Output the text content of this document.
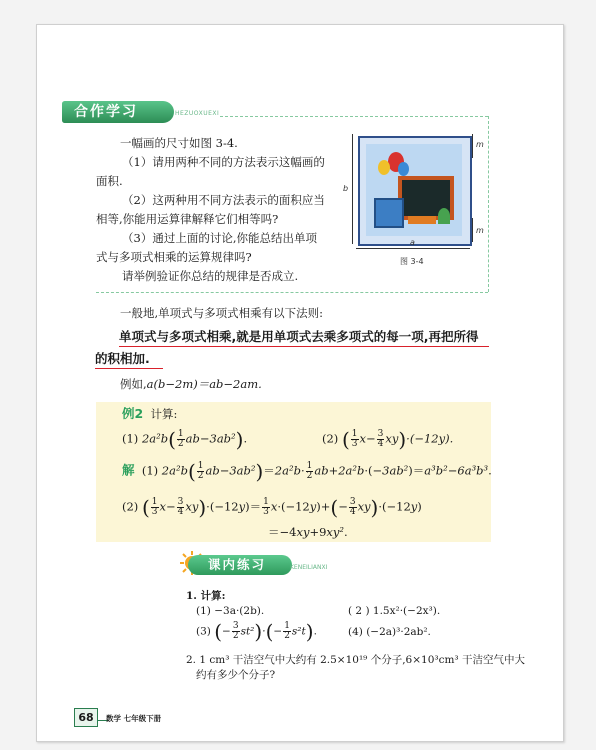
合作学习	HEZUOXUEXI
一幅画的尺寸如图 3-4.
（1）请用两种不同的方法表示这幅画的
面积.
（2）这两种用不同方法表示的面积应当
相等,你能用运算律解释它们相等吗?
（3）通过上面的讨论,你能总结出单项
式与多项式相乘的运算规律吗?
请举例验证你总结的规律是否成立.
b
a
m
m
图 3-4
一般地,单项式与多项式相乘有以下法则:
单项式与多项式相乘,就是用单项式去乘多项式的每一项,再把所得
的积相加.
例如,a(b−2m)＝ab−2am.
例2 计算:
(1) $2a^2b( \frac{1}{2} ab-3ab^2)$.	(2) ( $\frac{1}{3} x- \frac{3}{4} xy)\cdot(-12y)$.
解  (1) $2a^2b( \frac{1}{2} ab-3ab^2)=2a^2b\cdot \frac{1}{2} ab+2a^2b\cdot(-3ab^2)=a^3b^2-6a^3b^3$.
(2) ( $\frac{1}{3} x- \frac{3}{4} xy)\cdot(-12y)= \frac{1}{3} x\cdot(-12y)+(- \frac{3}{4} xy)\cdot(-12y)$
＝−4xy+9xy².
课内练习	KENEILIANXI
1. 计算:
(1) −3a·(2b).	( 2 ) 1.5x²·(−2x³).
(3) (− $\frac{3}{2} st^2)\cdot(- \frac{1}{2} s^2t)$.	(4) (−2a)³·2ab².
2. 1 cm³ 干洁空气中大约有 2.5×10¹⁹ 个分子,6×10³cm³ 干洁空气中大
约有多少个分子?
68	数学 七年级下册
